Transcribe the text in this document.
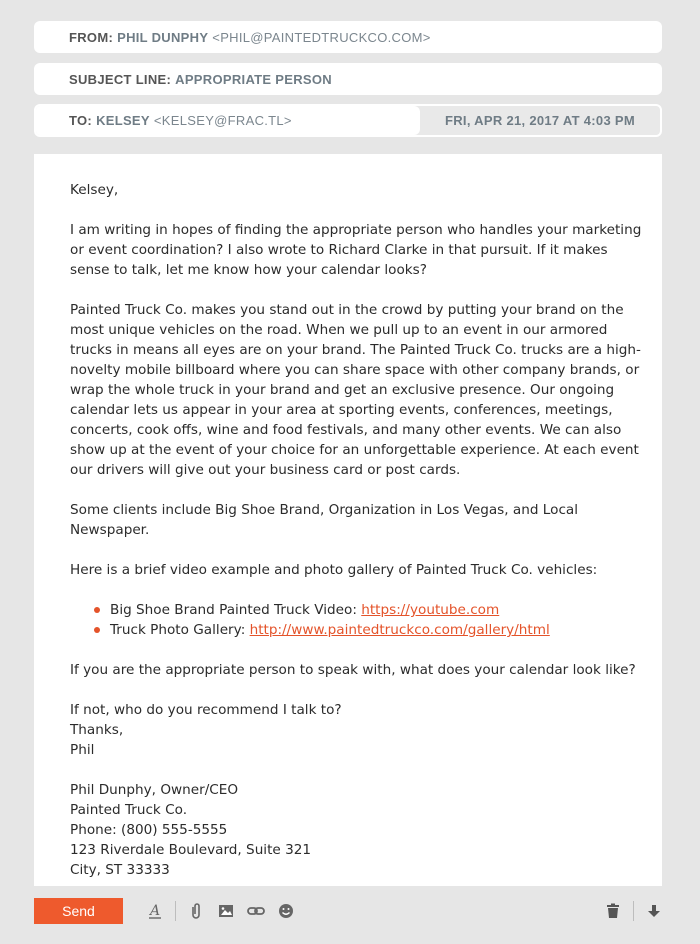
FROM: PHIL DUNPHY <PHIL@PAINTEDTRUCKCO.COM>
SUBJECT LINE: APPROPRIATE PERSON
TO: KELSEY <KELSEY@FRAC.TL>	FRI, APR 21, 2017 AT 4:03 PM

Kelsey,

I am writing in hopes of finding the appropriate person who handles your marketing or event coordination? I also wrote to Richard Clarke in that pursuit. If it makes sense to talk, let me know how your calendar looks?

Painted Truck Co. makes you stand out in the crowd by putting your brand on the most unique vehicles on the road. When we pull up to an event in our armored trucks in means all eyes are on your brand. The Painted Truck Co. trucks are a high-novelty mobile billboard where you can share space with other company brands, or wrap the whole truck in your brand and get an exclusive presence. Our ongoing calendar lets us appear in your area at sporting events, conferences, meetings, concerts, cook offs, wine and food festivals, and many other events. We can also show up at the event of your choice for an unforgettable experience. At each event our drivers will give out your business card or post cards.

Some clients include Big Shoe Brand, Organization in Los Vegas, and Local Newspaper.

Here is a brief video example and photo gallery of Painted Truck Co. vehicles:

Big Shoe Brand Painted Truck Video: https://youtube.com
Truck Photo Gallery: http://www.paintedtruckco.com/gallery/html

If you are the appropriate person to speak with, what does your calendar look like?

If not, who do you recommend I talk to?

Thanks,

Phil

Phil Dunphy, Owner/CEO

Painted Truck Co.

Phone: (800) 555-5555

123 Riverdale Boulevard, Suite 321

City, ST 33333

Send	A
